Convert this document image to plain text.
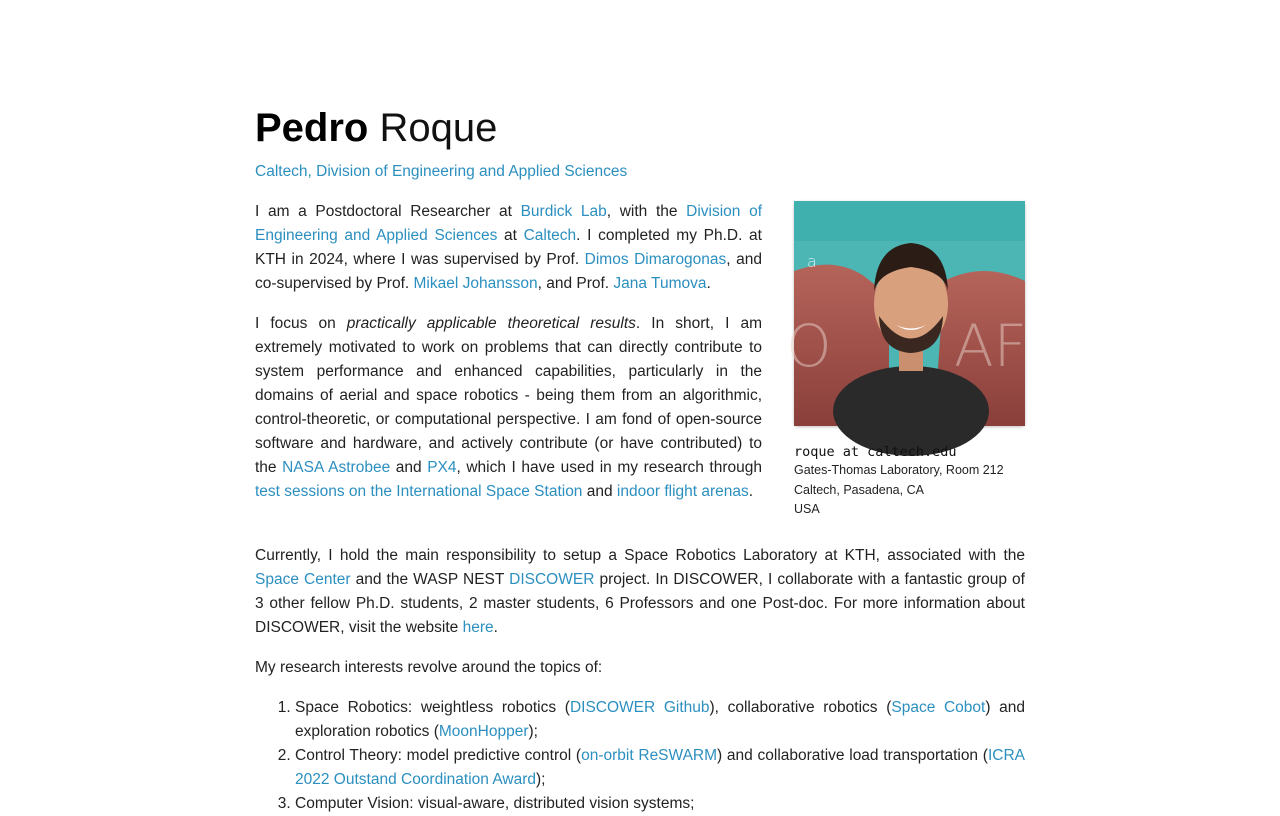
Pedro Roque
Caltech, Division of Engineering and Applied Sciences

I am a Postdoctoral Researcher at Burdick Lab, with the Division of Engineering and Applied Sciences at Caltech. I completed my Ph.D. at KTH in 2024, where I was supervised by Prof. Dimos Dimarogonas, and co-supervised by Prof. Mikael Johansson, and Prof. Jana Tumova.

I focus on practically applicable theoretical results. In short, I am extremely motivated to work on problems that can directly contribute to system performance and enhanced capabilities, particularly in the domains of aerial and space robotics - being them from an algorithmic, control-theoretic, or computational perspective. I am fond of open-source software and hardware, and actively contribute (or have contributed) to the NASA Astrobee and PX4, which I have used in my research through test sessions on the International Space Station and indoor flight arenas.

a
O AF
roque at caltech.edu
Gates-Thomas Laboratory, Room 212
Caltech, Pasadena, CA
USA

Currently, I hold the main responsibility to setup a Space Robotics Laboratory at KTH, associated with the Space Center and the WASP NEST DISCOWER project. In DISCOWER, I collaborate with a fantastic group of 3 other fellow Ph.D. students, 2 master students, 6 Professors and one Post-doc. For more information about DISCOWER, visit the website here.

My research interests revolve around the topics of:

1. Space Robotics: weightless robotics (DISCOWER Github), collaborative robotics (Space Cobot) and exploration robotics (MoonHopper);
2. Control Theory: model predictive control (on-orbit ReSWARM) and collaborative load transportation (ICRA 2022 Outstand Coordination Award);
3. Computer Vision: visual-aware, distributed vision systems;
